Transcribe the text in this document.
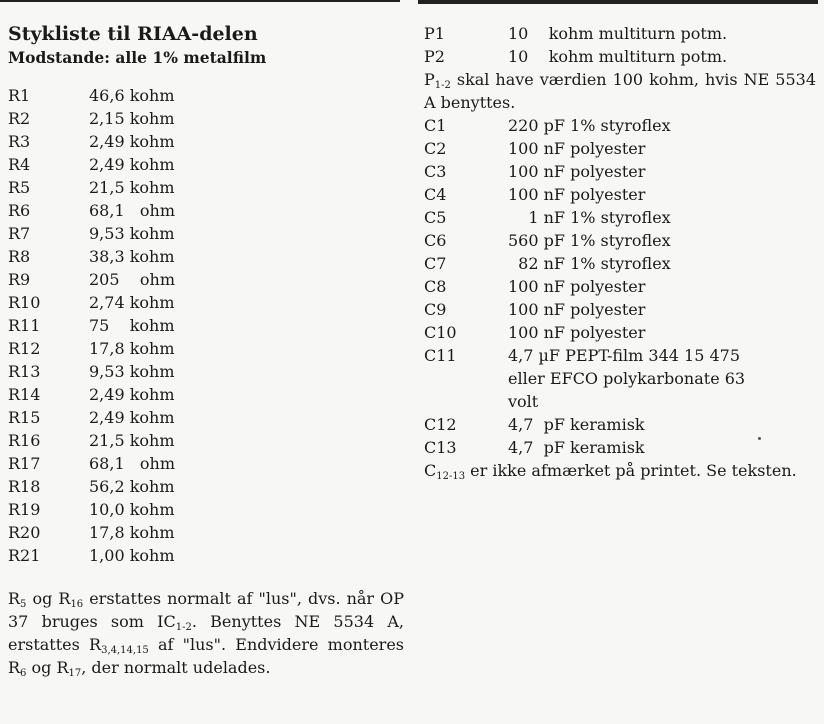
Stykliste til RIAA-delen
Modstande: alle 1% metalfilm
R1	46,6 kohm
R2	2,15 kohm
R3	2,49 kohm
R4	2,49 kohm
R5	21,5 kohm
R6	68,1   ohm
R7	9,53 kohm
R8	38,3 kohm
R9	205    ohm
R10	2,74 kohm
R11	75    kohm
R12	17,8 kohm
R13	9,53 kohm
R14	2,49 kohm
R15	2,49 kohm
R16	21,5 kohm
R17	68,1   ohm
R18	56,2 kohm
R19	10,0 kohm
R20	17,8 kohm
R21	1,00 kohm
$R_5$ og $R_{16}$ erstattes normalt af "lus", dvs. når OP 37 bruges som $IC_{1-2}$. Benyttes NE 5534 A, erstattes $R_{3,4,14,15}$ af "lus". Endvidere monteres $R_6$ og $R_{17}$, der normalt udelades.
P1	10    kohm multiturn potm.
P2	10    kohm multiturn potm.
$P_{1-2}$ skal have værdien 100 kohm, hvis NE 5534 A benyttes.
C1	220 pF 1% styroflex
C2	100 nF polyester
C3	100 nF polyester
C4	100 nF polyester
C5	1 nF 1% styroflex
C6	560 pF 1% styroflex
C7	82 nF 1% styroflex
C8	100 nF polyester
C9	100 nF polyester
C10	100 nF polyester
C11	4,7 µF PEPT-film 344 15 475
eller EFCO polykarbonate 63
volt
C12	4,7  pF keramisk
C13	4,7  pF keramisk
$C_{12-13}$ er ikke afmærket på printet. Se teksten.
